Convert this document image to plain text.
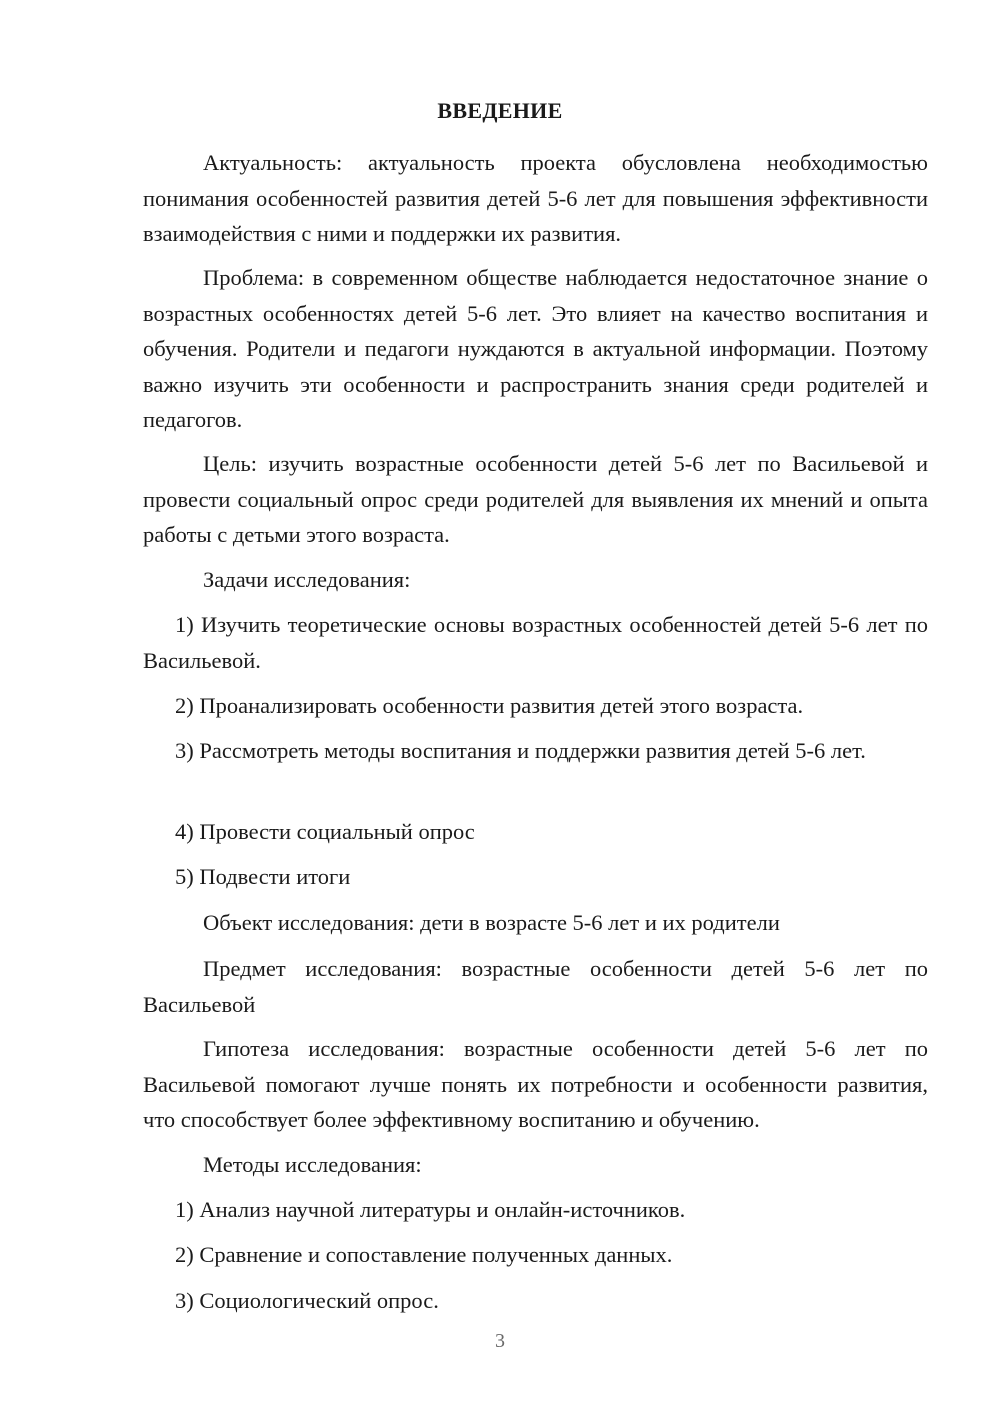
ВВЕДЕНИЕ

Актуальность: актуальность проекта обусловлена необходимостью понимания особенностей развития детей 5-6 лет для повышения эффективности взаимодействия с ними и поддержки их развития.

Проблема: в современном обществе наблюдается недостаточное знание о возрастных особенностях детей 5-6 лет. Это влияет на качество воспитания и обучения. Родители и педагоги нуждаются в актуальной информации. Поэтому важно изучить эти особенности и распространить знания среди родителей и педагогов.

Цель: изучить возрастные особенности детей 5-6 лет по Васильевой и провести социальный опрос среди родителей для выявления их мнений и опыта работы с детьми этого возраста.

Задачи исследования:

1) Изучить теоретические основы возрастных особенностей детей 5-6 лет по Васильевой.

2) Проанализировать особенности развития детей этого возраста.

3) Рассмотреть методы воспитания и поддержки развития детей 5-6 лет.

4) Провести социальный опрос

5) Подвести итоги

Объект исследования: дети в возрасте 5-6 лет и их родители

Предмет исследования: возрастные особенности детей 5-6 лет по Васильевой

Гипотеза исследования: возрастные особенности детей 5-6 лет по Васильевой помогают лучше понять их потребности и особенности развития, что способствует более эффективному воспитанию и обучению.

Методы исследования:

1) Анализ научной литературы и онлайн-источников.

2) Сравнение и сопоставление полученных данных.

3) Социологический опрос.

3
